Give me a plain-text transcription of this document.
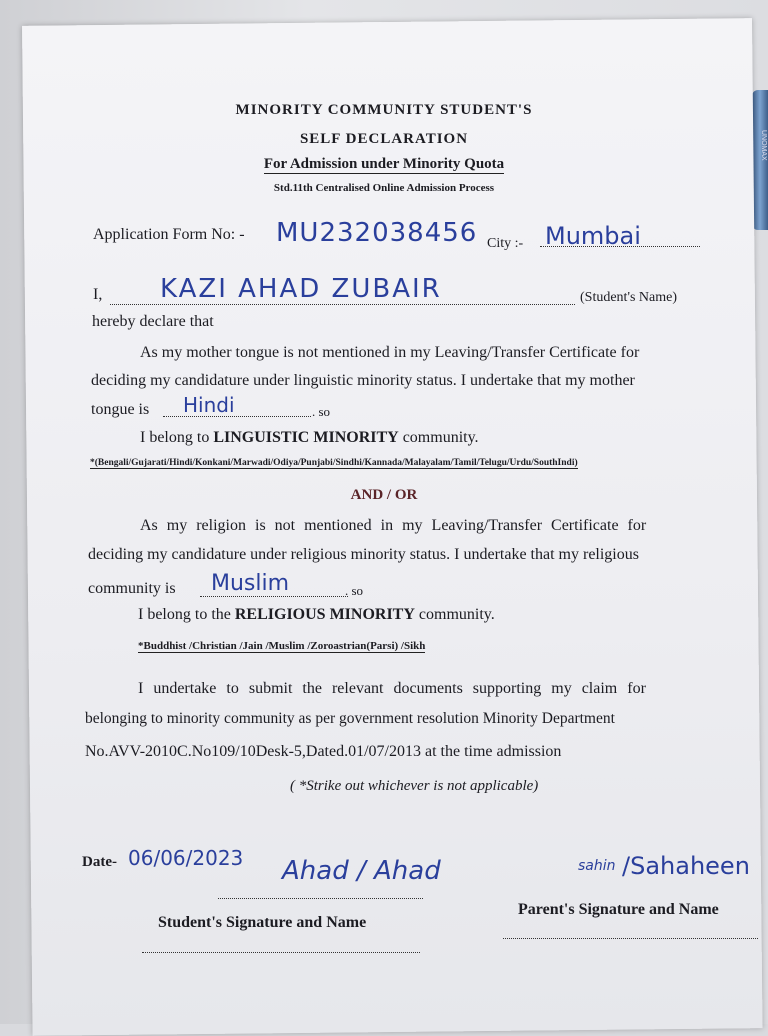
UNOMAX
MINORITY COMMUNITY STUDENT'S
SELF DECLARATION
For Admission under Minority Quota
Std.11th Centralised Online Admission Process
Application Form No: - MU232038456 City :- Mumbai
I, KAZI AHAD ZUBAIR	(Student's Name)
hereby declare that
As my mother tongue is not mentioned in my Leaving/Transfer Certificate for
deciding my candidature under linguistic minority status. I undertake that my mother
tongue is Hindi	. so
I belong to LINGUISTIC MINORITY community.
*(Bengali/Gujarati/Hindi/Konkani/Marwadi/Odiya/Punjabi/Sindhi/Kannada/Malayalam/Tamil/Telugu/Urdu/SouthIndi)
AND / OR
As my religion is not mentioned in my Leaving/Transfer Certificate for
deciding my candidature under religious minority status. I undertake that my religious
community is Muslim	. so
I belong to the RELIGIOUS MINORITY community.
*Buddhist /Christian /Jain /Muslim /Zoroastrian(Parsi) /Sikh
I undertake to submit the relevant documents supporting my claim for
belonging to minority community as per government resolution Minority Department
No.AVV-2010C.No109/10Desk-5,Dated.01/07/2013 at the time admission
( *Strike out whichever is not applicable)
Date- 06/06/2023 Ahad / Ahad
Student's Signature and Name
sahin /Sahaheen
Parent's Signature and Name
